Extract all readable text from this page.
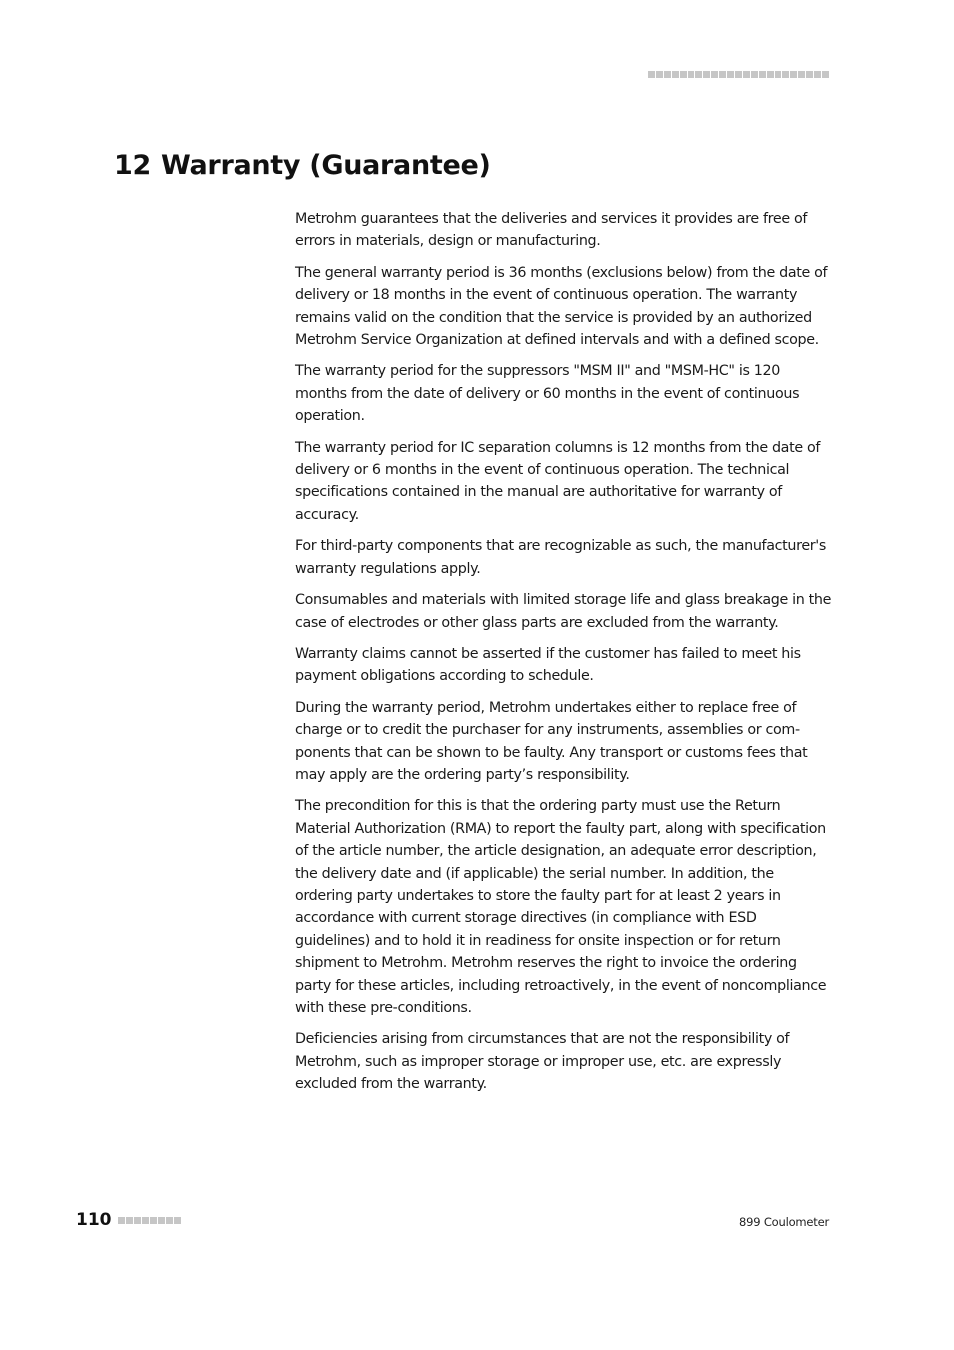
12 Warranty (Guarantee)

Metrohm guarantees that the deliveries and services it provides are free of errors in materials, design or manufacturing.

The general warranty period is 36 months (exclusions below) from the date of delivery or 18 months in the event of continuous operation. The warranty remains valid on the condition that the service is provided by an authorized Metrohm Service Organization at defined intervals and with a defined scope.

The warranty period for the suppressors "MSM II" and "MSM-HC" is 120 months from the date of delivery or 60 months in the event of continuous operation.

The warranty period for IC separation columns is 12 months from the date of delivery or 6 months in the event of continuous operation. The technical specifications contained in the manual are authoritative for warranty of accuracy.

For third-party components that are recognizable as such, the manufacturer's warranty regulations apply.

Consumables and materials with limited storage life and glass breakage in the case of electrodes or other glass parts are excluded from the warranty.

Warranty claims cannot be asserted if the customer has failed to meet his payment obligations according to schedule.

During the warranty period, Metrohm undertakes either to replace free of charge or to credit the purchaser for any instruments, assemblies or components that can be shown to be faulty. Any transport or customs fees that may apply are the ordering party’s responsibility.

The precondition for this is that the ordering party must use the Return Material Authorization (RMA) to report the faulty part, along with specification of the article number, the article designation, an adequate error description, the delivery date and (if applicable) the serial number. In addition, the ordering party undertakes to store the faulty part for at least 2 years in accordance with current storage directives (in compliance with ESD guidelines) and to hold it in readiness for onsite inspection or for return shipment to Metrohm. Metrohm reserves the right to invoice the ordering party for these articles, including retroactively, in the event of noncompliance with these pre-conditions.

Deficiencies arising from circumstances that are not the responsibility of Metrohm, such as improper storage or improper use, etc. are expressly excluded from the warranty.

110	899 Coulometer
